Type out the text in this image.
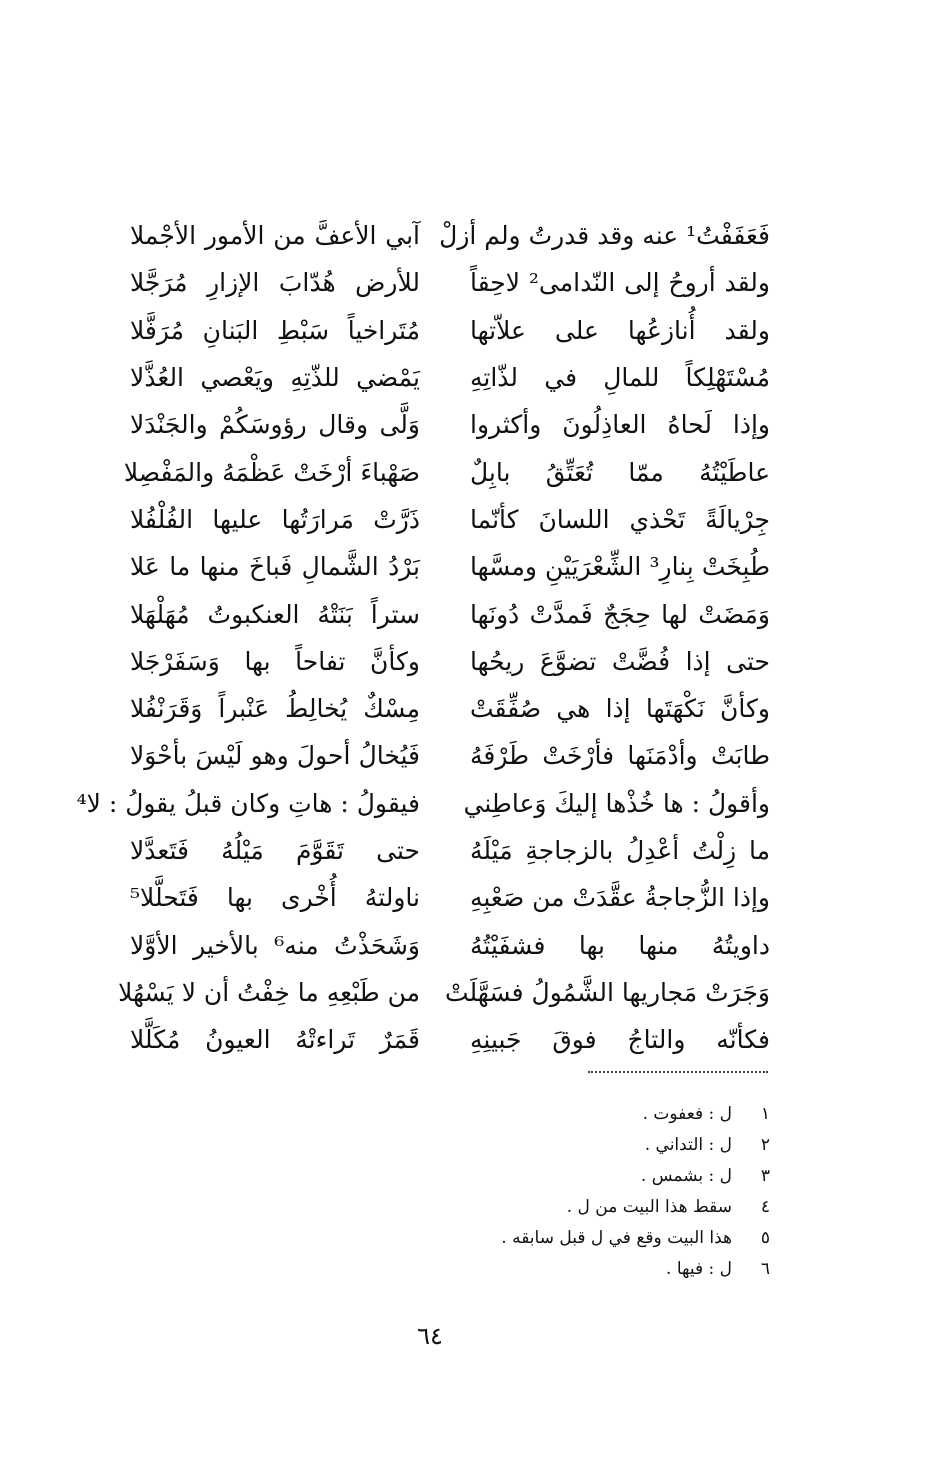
فَعَفَفْتُ¹ عنه وقد قدرتُ ولم أزلْ
آبي الأعفَّ من الأمور الأجْملا
ولقد أروحُ إلى النّدامى² لاحِقاً
للأرض هُدّابَ الإزارِ مُرَجَّلا
ولقد أُنازعُها على علاّتها
مُتَراخياً سَبْطِ البَنانِ مُرَفَّلا
مُسْتَهْلِكاً للمالِ في لذّاتِهِ
يَمْضي للذّتِهِ ويَعْصي العُذَّلا
وإذا لَحاهُ العاذِلُونَ وأكثروا
وَلَّى وقال رؤوسَكُمْ والجَنْدَلا
عاطَيْتُهُ ممّا تُعَتِّقُ بابِلٌ
صَهْباءَ أرْخَتْ عَظْمَهُ والمَفْصِلا
جِرْيالَةً تَحْذي اللسانَ كأنّما
ذَرَّتْ مَرارَتُها عليها الفُلْفُلا
طُبِخَتْ بِنارِ³ الشِّعْرَيَيْنِ ومسَّها
بَرْدُ الشَّمالِ فَباخَ منها ما عَلا
وَمَضَتْ لها حِجَجٌ فَمدَّتْ دُونَها
ستراً بَنَتْهُ العنكبوتُ مُهَلْهَلا
حتى إذا فُضَّتْ تضوَّعَ ريحُها
وكأنَّ تفاحاً بها وَسَفَرْجَلا
وكأنَّ نَكْهَتَها إذا هي صُفِّقَتْ
مِسْكٌ يُخالِطُ عَنْبراً وَقَرَنْفُلا
طابَتْ وأدْمَنَها فأرْخَتْ طَرْفَهُ
فَيُخالُ أحولَ وهو لَيْسَ بأحْوَلا
وأقولُ : ها خُذْها إليكَ وَعاطِني
فيقولُ : هاتِ وكان قبلُ يقولُ : لا⁴
ما زِلْتُ أعْدِلُ بالزجاجةِ مَيْلَهُ
حتى تَقَوَّمَ مَيْلُهُ فَتَعدَّلا
وإذا الزُّجاجةُ عقَّدَتْ من صَعْبِهِ
ناولتهُ أُخْرى بها فَتَحلَّلا⁵
داويتُهُ منها بها فشفَيْتُهُ
وَشَحَذْتُ منه⁶ بالأخير الأوَّلا
وَجَرَتْ مَجاريها الشَّمُولُ فسَهَّلَتْ
من طَبْعِهِ ما خِفْتُ أن لا يَسْهُلا
فكأنّه والتاجُ فوقَ جَبينِهِ
قَمَرٌ تَراءتْهُ العيونُ مُكَلَّلا
١
ل : فعفوت .
٢
ل : التداني .
٣
ل : بشمس .
٤
سقط هذا البيت من ل .
٥
هذا البيت وقع في ل قبل سابقه .
٦
ل : فيها .
٦٤
